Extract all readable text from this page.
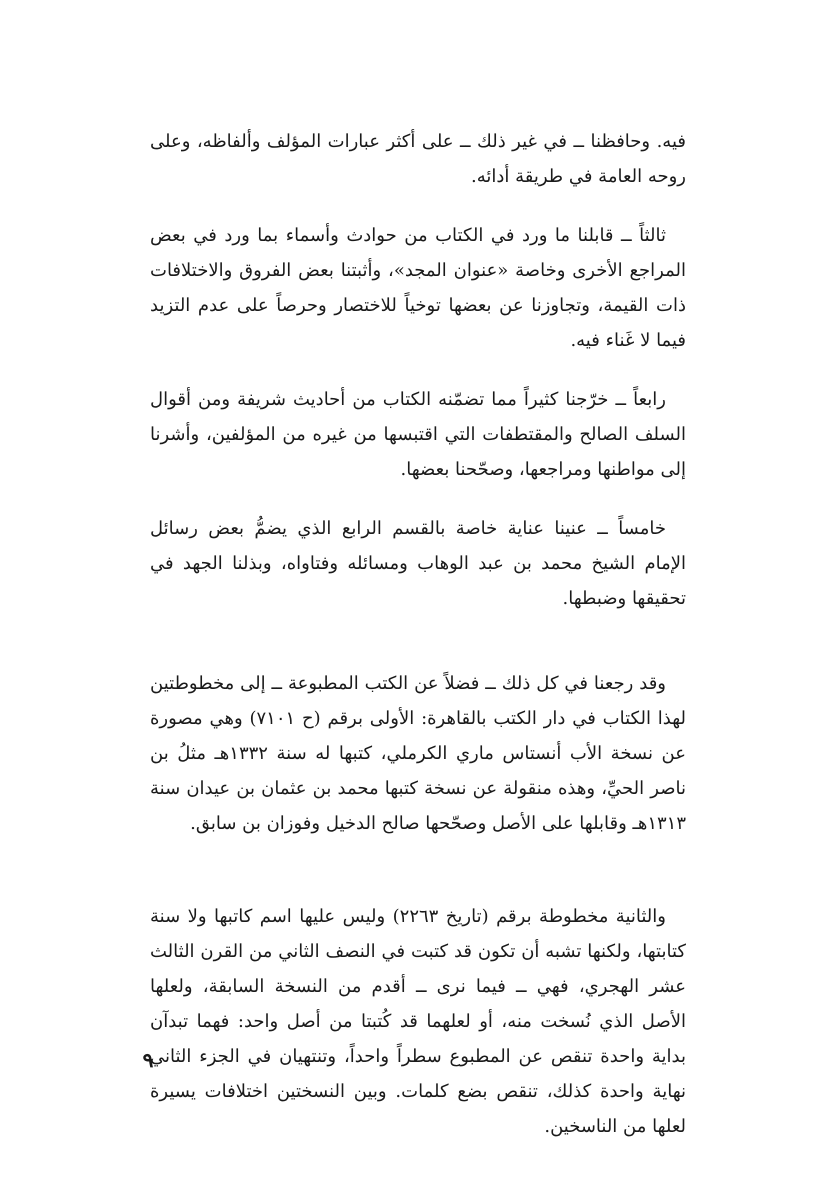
فيه. وحافظنا ــ في غير ذلك ــ على أكثر عبارات المؤلف وألفاظه، وعلى روحه العامة في طريقة أدائه.

ثالثاً ــ قابلنا ما ورد في الكتاب من حوادث وأسماء بما ورد في بعض المراجع الأخرى وخاصة «عنوان المجد»، وأثبتنا بعض الفروق والاختلافات ذات القيمة، وتجاوزنا عن بعضها توخياً للاختصار وحرصاً على عدم التزيد فيما لا غَناء فيه.

رابعاً ــ خرّجنا كثيراً مما تضمّنه الكتاب من أحاديث شريفة ومن أقوال السلف الصالح والمقتطفات التي اقتبسها من غيره من المؤلفين، وأشرنا إلى مواطنها ومراجعها، وصحّحنا بعضها.

خامساً ــ عنينا عناية خاصة بالقسم الرابع الذي يضمُّ بعض رسائل الإمام الشيخ محمد بن عبد الوهاب ومسائله وفتاواه، وبذلنا الجهد في تحقيقها وضبطها.

وقد رجعنا في كل ذلك ــ فضلاً عن الكتب المطبوعة ــ إلى مخطوطتين لهذا الكتاب في دار الكتب بالقاهرة: الأولى برقم (ح ٧١٠١) وهي مصورة عن نسخة الأب أنستاس ماري الكرملي، كتبها له سنة ١٣٣٢هـ مثلُ بن ناصر الحيِّ، وهذه منقولة عن نسخة كتبها محمد بن عثمان بن عيدان سنة ١٣١٣هـ وقابلها على الأصل وصحّحها صالح الدخيل وفوزان بن سابق.

والثانية مخطوطة برقم (تاريخ ٢٢٦٣) وليس عليها اسم كاتبها ولا سنة كتابتها، ولكنها تشبه أن تكون قد كتبت في النصف الثاني من القرن الثالث عشر الهجري، فهي ــ فيما نرى ــ أقدم من النسخة السابقة، ولعلها الأصل الذي نُسخت منه، أو لعلهما قد كُتبتا من أصل واحد: فهما تبدآن بداية واحدة تنقص عن المطبوع سطراً واحداً، وتنتهيان في الجزء الثاني نهاية واحدة كذلك، تنقص بضع كلمات. وبين النسختين اختلافات يسيرة لعلها من الناسخين.

٩
